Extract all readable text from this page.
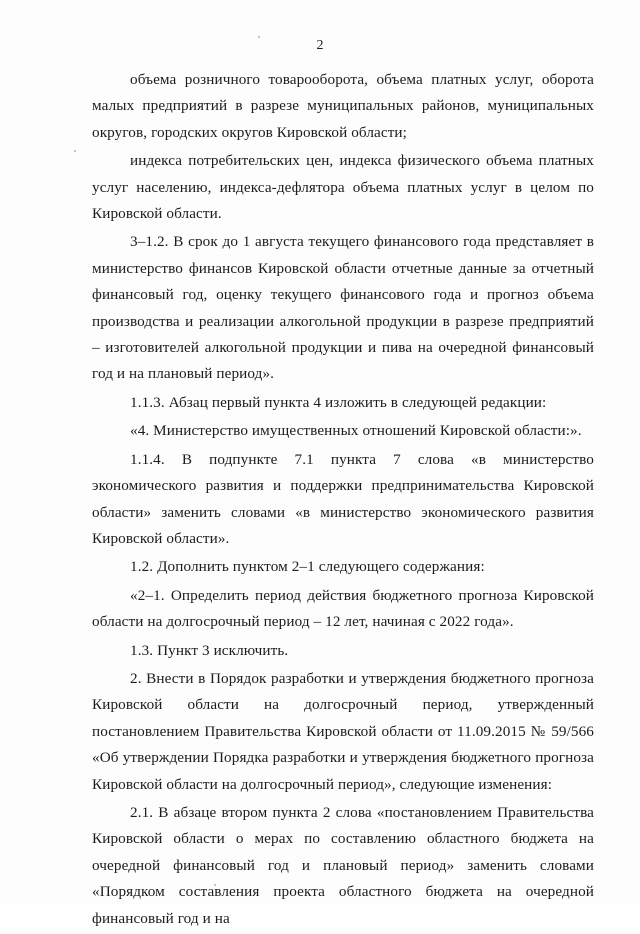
2

объема розничного товарооборота, объема платных услуг, оборота малых предприятий в разрезе муниципальных районов, муниципальных округов, городских округов Кировской области;

индекса потребительских цен, индекса физического объема платных услуг населению, индекса-дефлятора объема платных услуг в целом по Кировской области.

3–1.2. В срок до 1 августа текущего финансового года представляет в министерство финансов Кировской области отчетные данные за отчетный финансовый год, оценку текущего финансового года и прогноз объема производства и реализации алкогольной продукции в разрезе предприятий – изготовителей алкогольной продукции и пива на очередной финансовый год и на плановый период».

1.1.3. Абзац первый пункта 4 изложить в следующей редакции:

«4. Министерство имущественных отношений Кировской области:».

1.1.4. В подпункте 7.1 пункта 7 слова «в министерство экономического развития и поддержки предпринимательства Кировской области» заменить словами «в министерство экономического развития Кировской области».

1.2. Дополнить пунктом 2–1 следующего содержания:

«2–1. Определить период действия бюджетного прогноза Кировской области на долгосрочный период – 12 лет, начиная с 2022 года».

1.3. Пункт 3 исключить.

2. Внести в Порядок разработки и утверждения бюджетного прогноза Кировской области на долгосрочный период, утвержденный постановлением Правительства Кировской области от 11.09.2015 № 59/566 «Об утверждении Порядка разработки и утверждения бюджетного прогноза Кировской области на долгосрочный период», следующие изменения:

2.1. В абзаце втором пункта 2 слова «постановлением Правительства Кировской области о мерах по составлению областного бюджета на очередной финансовый год и плановый период» заменить словами «Порядком составления проекта областного бюджета на очередной финансовый год и на
